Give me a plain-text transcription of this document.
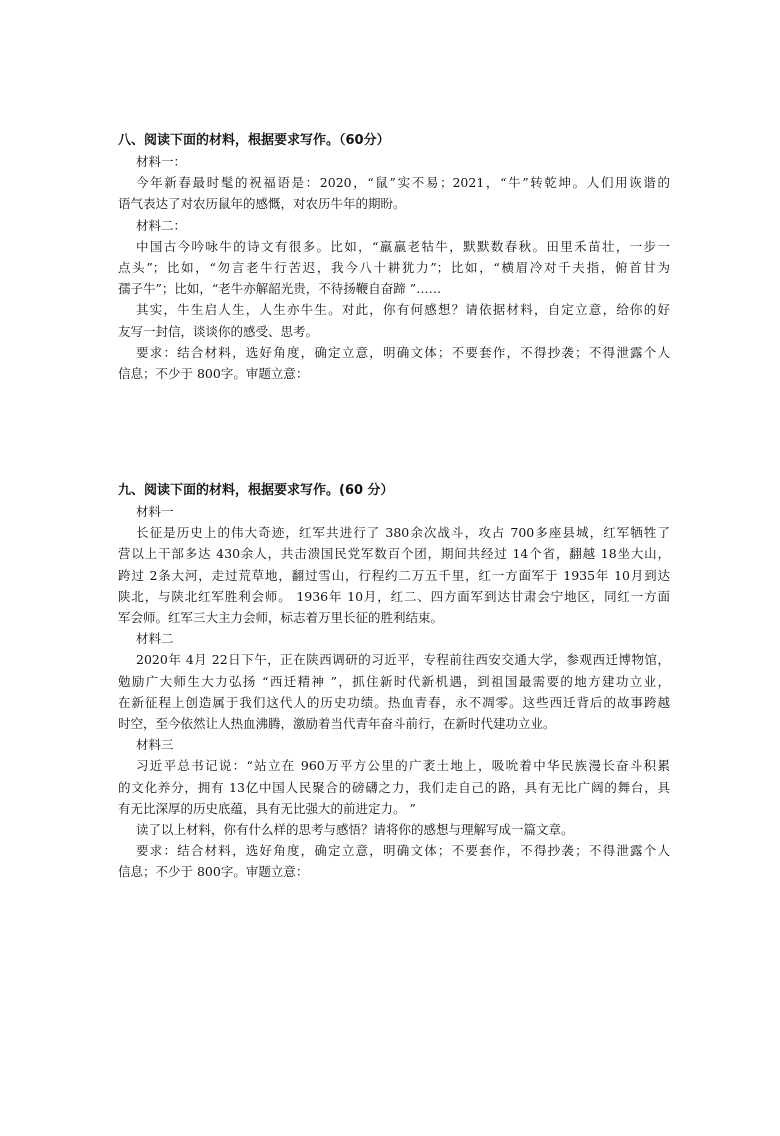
八、阅读下面的材料，根据要求写作。（60分）

材料一：

今年新春最时髦的祝福语是：2020，“鼠”实不易；2021，“牛”转乾坤。人们用诙谐的

语气表达了对农历鼠年的感慨，对农历牛年的期盼。

材料二：

中国古今吟咏牛的诗文有很多。比如，“羸羸老牯牛，默默数春秋。田里禾苗壮，一步一

点头”；比如，“勿言老牛行苦迟，我今八十耕犹力”；比如，“横眉冷对千夫指，俯首甘为

孺子牛”；比如，“老牛亦解韶光贵，不待扬鞭自奋蹄 ”……

其实，牛生启人生，人生亦牛生。对此，你有何感想？请依据材料，自定立意，给你的好

友写一封信，谈谈你的感受、思考。

要求：结合材料，选好角度，确定立意，明确文体；不要套作，不得抄袭；不得泄露个人

信息；不少于 800字。审题立意：

九、阅读下面的材料，根据要求写作。(60 分）

材料一

长征是历史上的伟大奇迹，红军共进行了 380余次战斗，攻占 700多座县城，红军牺牲了

营以上干部多达 430余人，共击溃国民党军数百个团，期间共经过 14个省，翻越 18坐大山，

跨过 2条大河，走过荒草地，翻过雪山，行程约二万五千里，红一方面军于 1935年 10月到达

陕北，与陕北红军胜利会师。 1936年 10月，红二、四方面军到达甘肃会宁地区，同红一方面

军会师。红军三大主力会师，标志着万里长征的胜利结束。

材料二

2020年 4月 22日下午，正在陕西调研的习近平，专程前往西安交通大学，参观西迁博物馆，

勉励广大师生大力弘扬 “西迁精神 ”，抓住新时代新机遇，到祖国最需要的地方建功立业，

在新征程上创造属于我们这代人的历史功绩。热血青春，永不凋零。这些西迁背后的故事跨越

时空，至今依然让人热血沸腾，激励着当代青年奋斗前行，在新时代建功立业。

材料三

习近平总书记说：“站立在 960万平方公里的广袤土地上，吸吮着中华民族漫长奋斗积累

的文化养分，拥有 13亿中国人民聚合的磅礴之力，我们走自己的路，具有无比广阔的舞台，具

有无比深厚的历史底蕴，具有无比强大的前进定力。 ”

读了以上材料，你有什么样的思考与感悟？请将你的感想与理解写成一篇文章。

要求：结合材料，选好角度，确定立意，明确文体；不要套作，不得抄袭；不得泄露个人

信息；不少于 800字。审题立意：
